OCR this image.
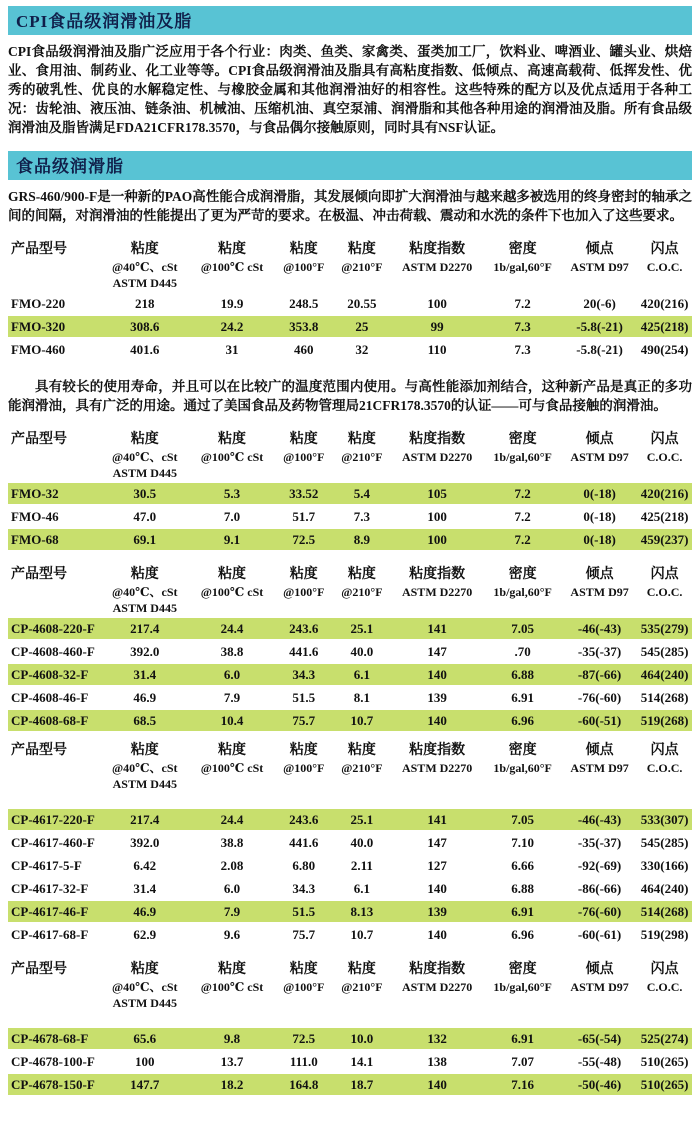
CPI食品级润滑油及脂

CPI食品级润滑油及脂广泛应用于各个行业：肉类、鱼类、家禽类、蛋类加工厂，饮料业、啤酒业、罐头业、烘焙业、食用油、制药业、化工业等等。CPI食品级润滑油及脂具有高粘度指数、低倾点、高速高载荷、低挥发性、优秀的破乳性、优良的水解稳定性、与橡胶金属和其他润滑油好的相容性。这些特殊的配方以及优点适用于各种工况：齿轮油、液压油、链条油、机械油、压缩机油、真空泵浦、润滑脂和其他各种用途的润滑油及脂。所有食品级润滑油及脂皆满足FDA21CFR178.3570，与食品偶尔接触原则，同时具有NSF认证。

食品级润滑脂

GRS-460/900-F是一种新的PAO高性能合成润滑脂，其发展倾向即扩大润滑油与越来越多被选用的终身密封的轴承之间的间隔，对润滑油的性能提出了更为严苛的要求。在极温、冲击荷载、震动和水洗的条件下也加入了这些要求。

产品型号	粘度
@40℃、cSt
ASTM D445	粘度
@100℃ cSt	粘度
@100°F	粘度
@210°F	粘度指数
ASTM D2270	密度
1b/gal,60°F	倾点
ASTM D97	闪点
C.O.C.

FMO-220	218	19.9	248.5	20.55	100	7.2	20(-6)	420(216)
FMO-320	308.6	24.2	353.8	25	99	7.3	-5.8(-21)	425(218)
FMO-460	401.6	31	460	32	110	7.3	-5.8(-21)	490(254)

具有较长的使用寿命，并且可以在比较广的温度范围内使用。与高性能添加剂结合，这种新产品是真正的多功能润滑油，具有广泛的用途。通过了美国食品及药物管理局21CFR178.3570的认证——可与食品接触的润滑油。

产品型号	粘度
@40℃、cSt
ASTM D445	粘度
@100℃ cSt	粘度
@100°F	粘度
@210°F	粘度指数
ASTM D2270	密度
1b/gal,60°F	倾点
ASTM D97	闪点
C.O.C.

FMO-32	30.5	5.3	33.52	5.4	105	7.2	0(-18)	420(216)
FMO-46	47.0	7.0	51.7	7.3	100	7.2	0(-18)	425(218)
FMO-68	69.1	9.1	72.5	8.9	100	7.2	0(-18)	459(237)
产品型号	粘度
@40℃、cSt
ASTM D445	粘度
@100℃ cSt	粘度
@100°F	粘度
@210°F	粘度指数
ASTM D2270	密度
1b/gal,60°F	倾点
ASTM D97	闪点
C.O.C.

CP-4608-220-F	217.4	24.4	243.6	25.1	141	7.05	-46(-43)	535(279)
CP-4608-460-F	392.0	38.8	441.6	40.0	147	.70	-35(-37)	545(285)
CP-4608-32-F	31.4	6.0	34.3	6.1	140	6.88	-87(-66)	464(240)
CP-4608-46-F	46.9	7.9	51.5	8.1	139	6.91	-76(-60)	514(268)
CP-4608-68-F	68.5	10.4	75.7	10.7	140	6.96	-60(-51)	519(268)
产品型号	粘度
@40℃、cSt
ASTM D445	粘度
@100℃ cSt	粘度
@100°F	粘度
@210°F	粘度指数
ASTM D2270	密度
1b/gal,60°F	倾点
ASTM D97	闪点
C.O.C.

CP-4617-220-F	217.4	24.4	243.6	25.1	141	7.05	-46(-43)	533(307)
CP-4617-460-F	392.0	38.8	441.6	40.0	147	7.10	-35(-37)	545(285)
CP-4617-5-F	6.42	2.08	6.80	2.11	127	6.66	-92(-69)	330(166)
CP-4617-32-F	31.4	6.0	34.3	6.1	140	6.88	-86(-66)	464(240)
CP-4617-46-F	46.9	7.9	51.5	8.13	139	6.91	-76(-60)	514(268)
CP-4617-68-F	62.9	9.6	75.7	10.7	140	6.96	-60(-61)	519(298)
产品型号	粘度
@40℃、cSt
ASTM D445	粘度
@100℃ cSt	粘度
@100°F	粘度
@210°F	粘度指数
ASTM D2270	密度
1b/gal,60°F	倾点
ASTM D97	闪点
C.O.C.

CP-4678-68-F	65.6	9.8	72.5	10.0	132	6.91	-65(-54)	525(274)
CP-4678-100-F	100	13.7	111.0	14.1	138	7.07	-55(-48)	510(265)
CP-4678-150-F	147.7	18.2	164.8	18.7	140	7.16	-50(-46)	510(265)
